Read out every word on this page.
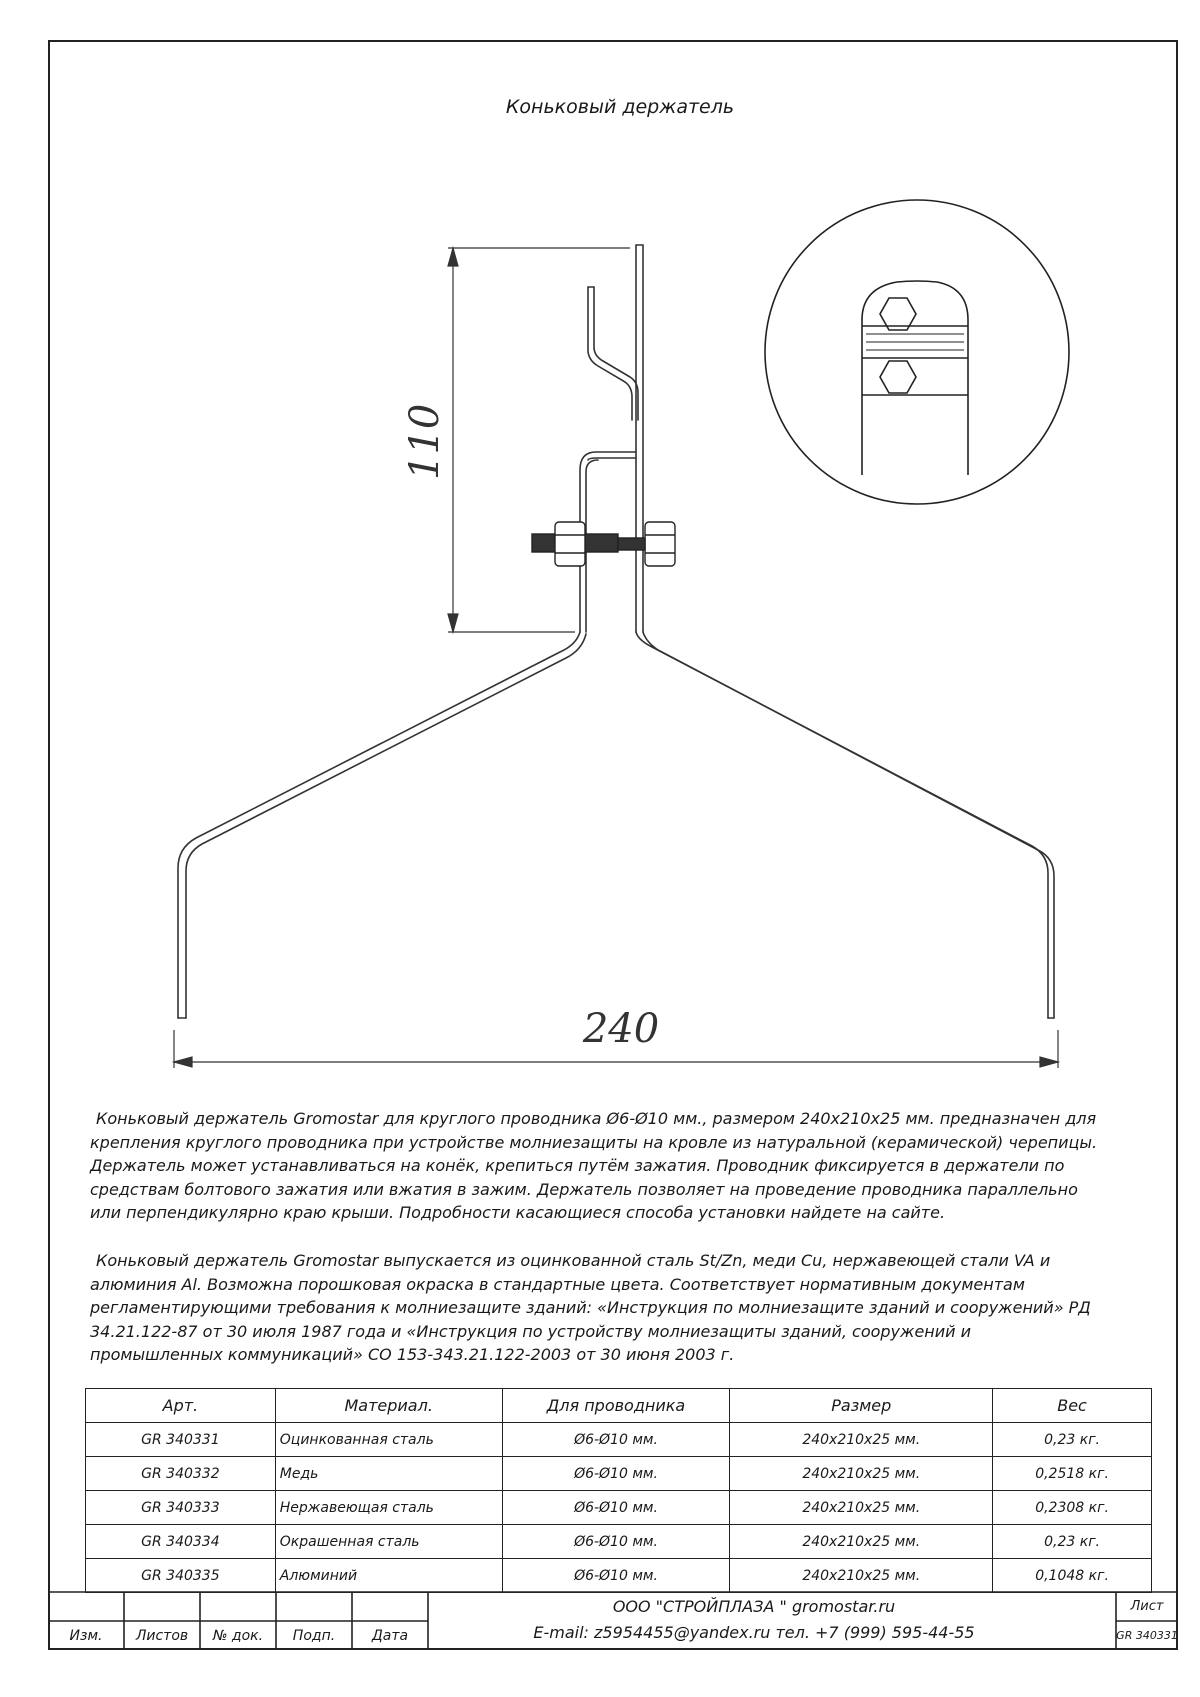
Коньковый держатель
110
240

Коньковый держатель Gromostar для круглого проводника Ø6-Ø10 мм., размером 240х210х25 мм. предназначен для крепления круглого проводника при устройстве молниезащиты на кровле из натуральной (керамической) черепицы. Держатель может устанавливаться на конёк, крепиться путём зажатия. Проводник фиксируется в держатели по средствам болтового зажатия или вжатия в зажим. Держатель позволяет на проведение проводника параллельно или перпендикулярно краю крыши. Подробности касающиеся способа установки найдете на сайте.

Коньковый держатель Gromostar выпускается из оцинкованной сталь St/Zn, меди Cu, нержавеющей стали VA и алюминия Al. Возможна порошковая окраска в стандартные цвета. Соответствует нормативным документам регламентирующими требования к молниезащите зданий: «Инструкция по молниезащите зданий и сооружений» РД 34.21.122-87 от 30 июля 1987 года и «Инструкция по устройству молниезащиты зданий, сооружений и промышленных коммуникаций» СО 153-343.21.122-2003 от 30 июня 2003 г.

Арт.	Материал.	Для проводника	Размер	Вес
GR 340331	Оцинкованная сталь	Ø6-Ø10 мм.	240х210х25 мм.	0,23 кг.
GR 340332	Медь	Ø6-Ø10 мм.	240х210х25 мм.	0,2518 кг.
GR 340333	Нержавеющая сталь	Ø6-Ø10 мм.	240х210х25 мм.	0,2308 кг.
GR 340334	Окрашенная сталь	Ø6-Ø10 мм.	240х210х25 мм.	0,23 кг.
GR 340335	Алюминий	Ø6-Ø10 мм.	240х210х25 мм.	0,1048 кг.
Изм.	Листов	№ док.	Подп.	Дата
Лист
GR 340331
ООО "СТРОЙПЛАЗА " gromostar.ru
E-mail: z5954455@yandex.ru тел. +7 (999) 595-44-55
